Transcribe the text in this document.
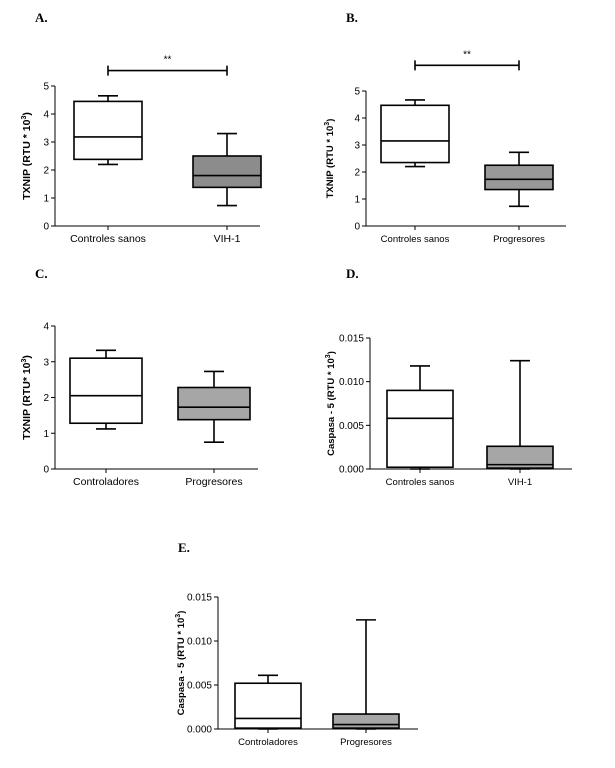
A.
0
1
2
3
4
5
TXNIP $(RTU * 10^3)$
Controles sanos	VIH-1
**
B.
0
1
2
3
4
5
TXNIP $(RTU * 10^3)$
Controles sanos	Progresores
**
C.
0
1
2
3
4
TXNIP (RTU* $10^3$)
Controladores	Progresores
D.
0.000
0.005
0.010
0.015
Caspasa - 5 $(RTU * 10^3)$
Controles sanos	VIH-1
E.
0.000
0.005
0.010
0.015
Caspasa - 5 $(RTU * 10^3)$
Controladores	Progresores
